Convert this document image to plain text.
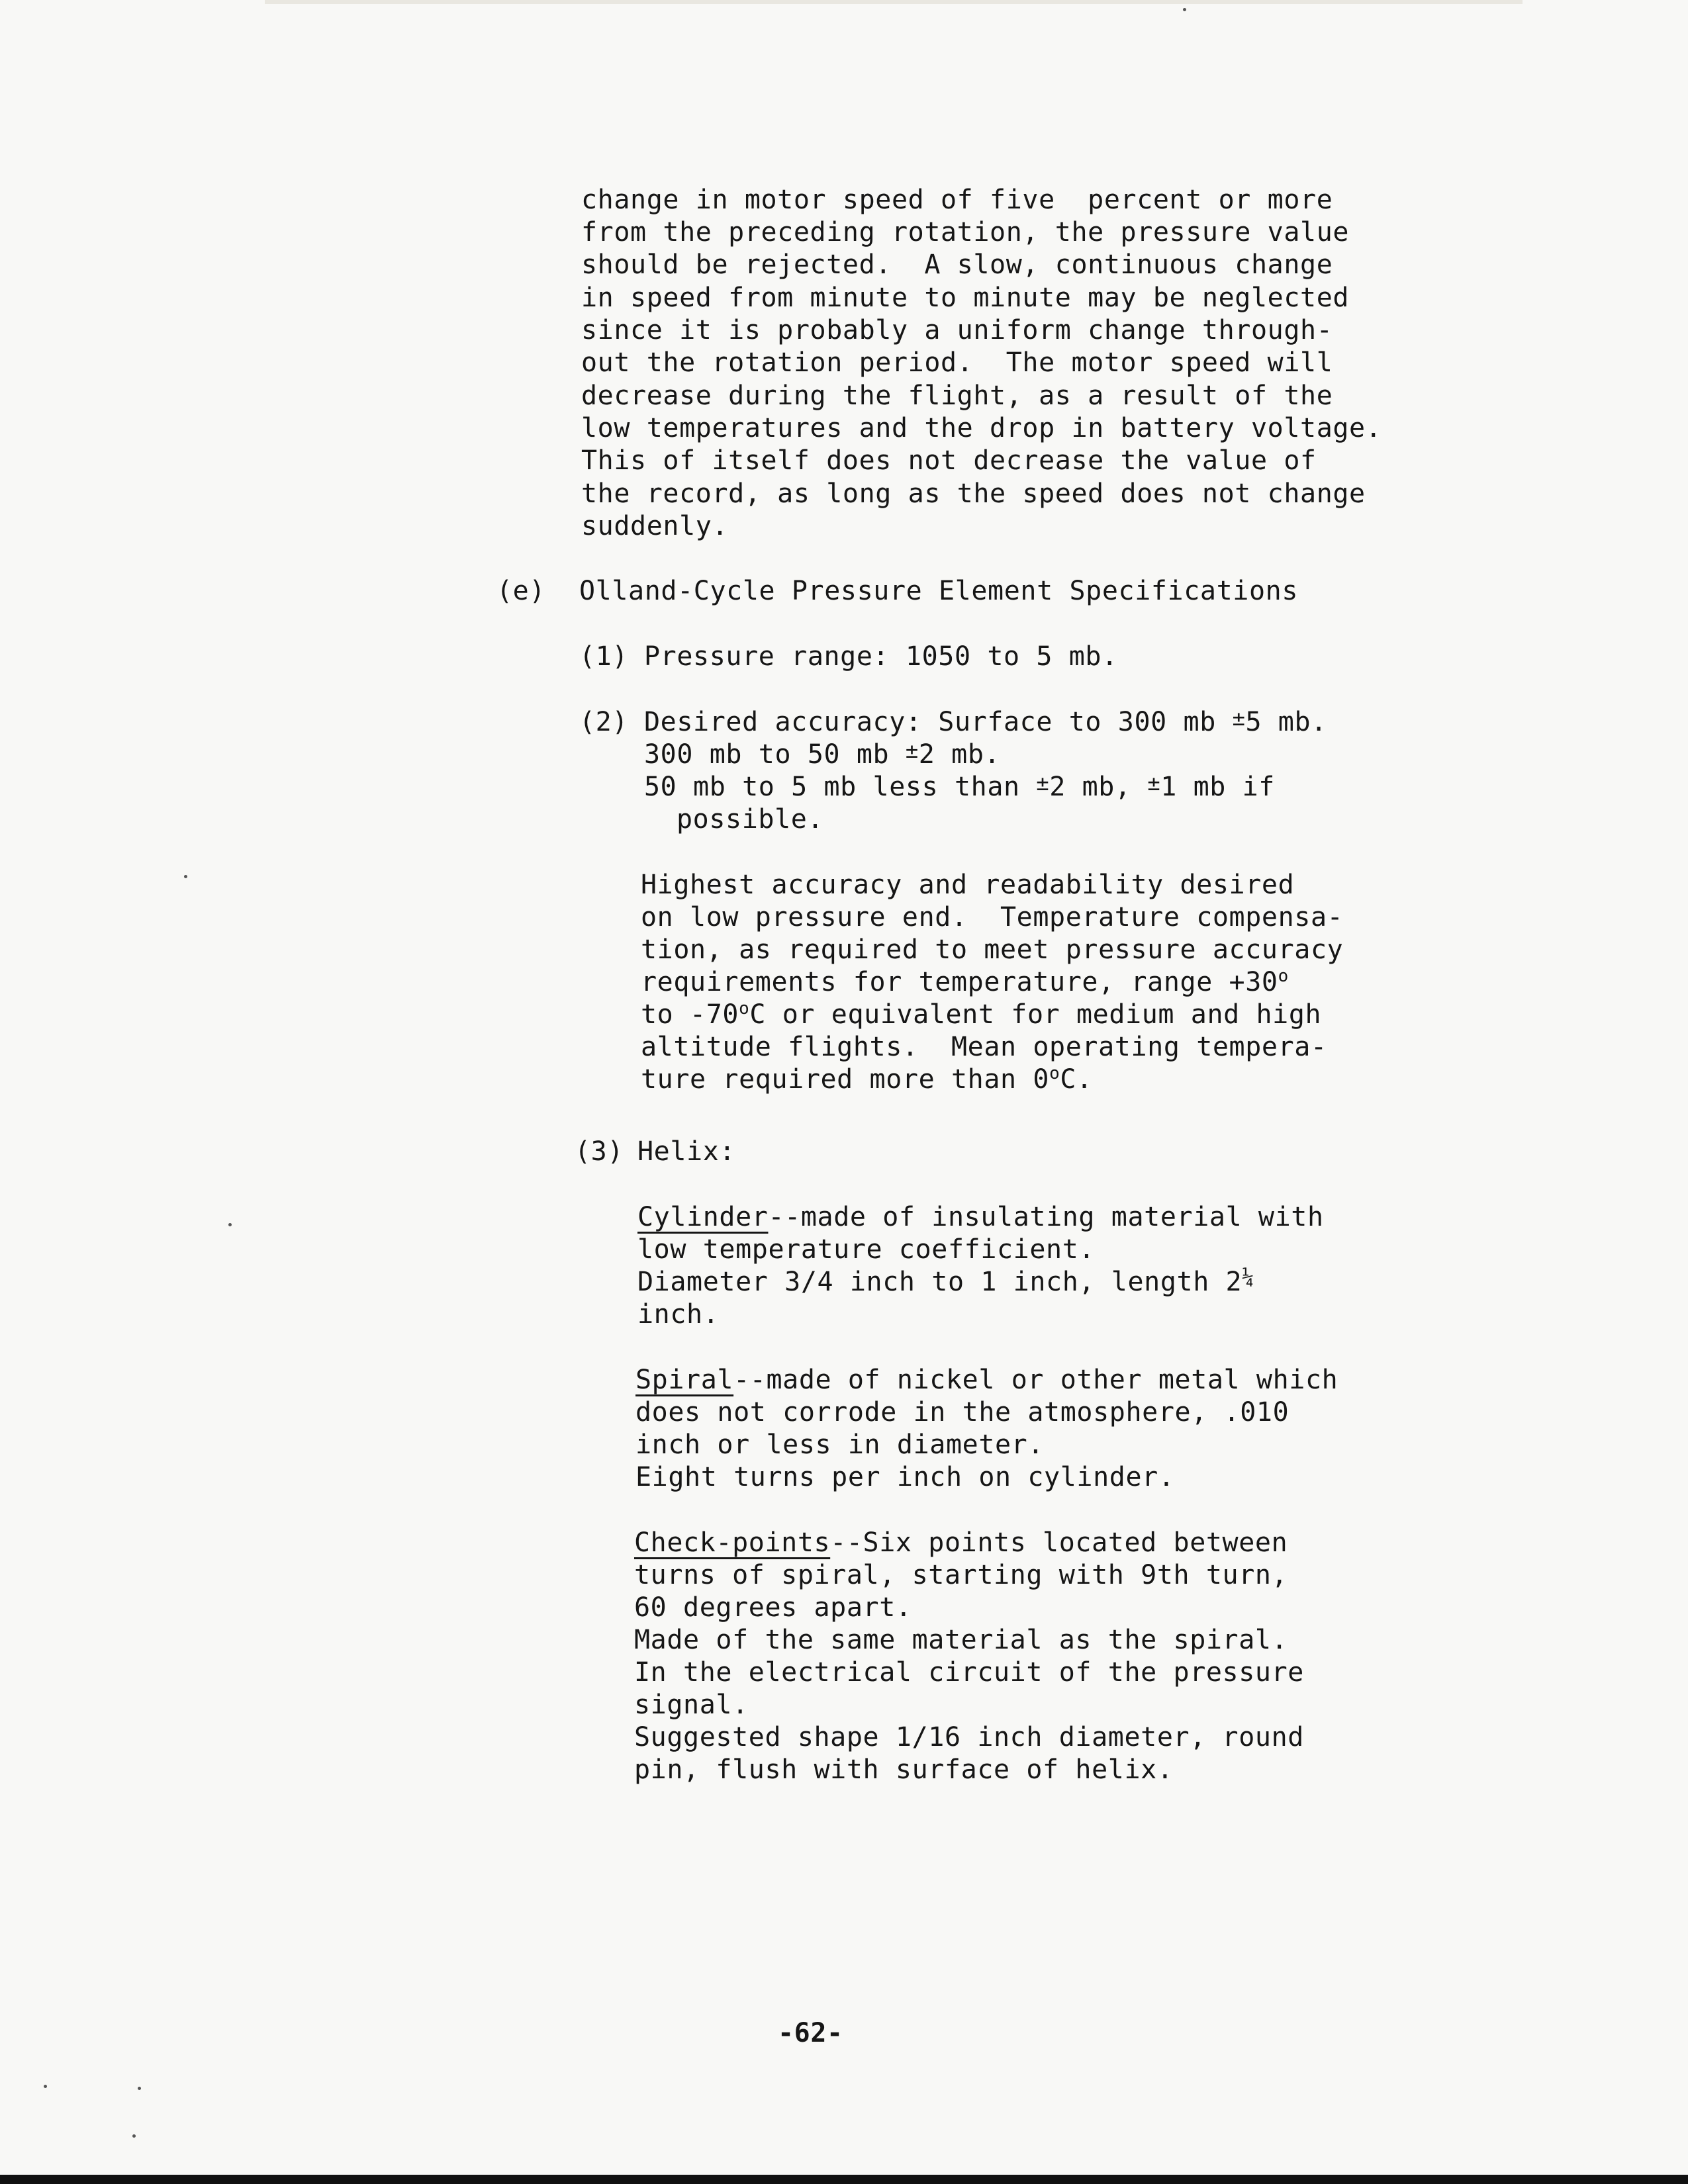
change in motor speed of five  percent or more
from the preceding rotation, the pressure value
should be rejected.  A slow, continuous change
in speed from minute to minute may be neglected
since it is probably a uniform change through-
out the rotation period.  The motor speed will
decrease during the flight, as a result of the
low temperatures and the drop in battery voltage.
This of itself does not decrease the value of
the record, as long as the speed does not change
suddenly.
(e) Olland-Cycle Pressure Element Specifications
(1) Pressure range: 1050 to 5 mb.
(2) Desired accuracy: Surface to 300 mb ±5 mb.
300 mb to 50 mb ±2 mb.
50 mb to 5 mb less than ±2 mb, ±1 mb if
possible.
Highest accuracy and readability desired
on low pressure end.  Temperature compensa-
tion, as required to meet pressure accuracy
requirements for temperature, range $+30^o$
to -70$^o$C or equivalent for medium and high
altitude flights.  Mean operating tempera-
ture required more than 0$^o$C.
(3) Helix:
Cylinder--made of insulating material with
low temperature coefficient.
Diameter 3/4 inch to 1 inch, length $2^{\frac{1}{4}}$
inch.
Spiral--made of nickel or other metal which
does not corrode in the atmosphere, .010
inch or less in diameter.
Eight turns per inch on cylinder.
Check-points--Six points located between
turns of spiral, starting with 9th turn,
60 degrees apart.
Made of the same material as the spiral.
In the electrical circuit of the pressure
signal.
Suggested shape 1/16 inch diameter, round
pin, flush with surface of helix.
-62-
